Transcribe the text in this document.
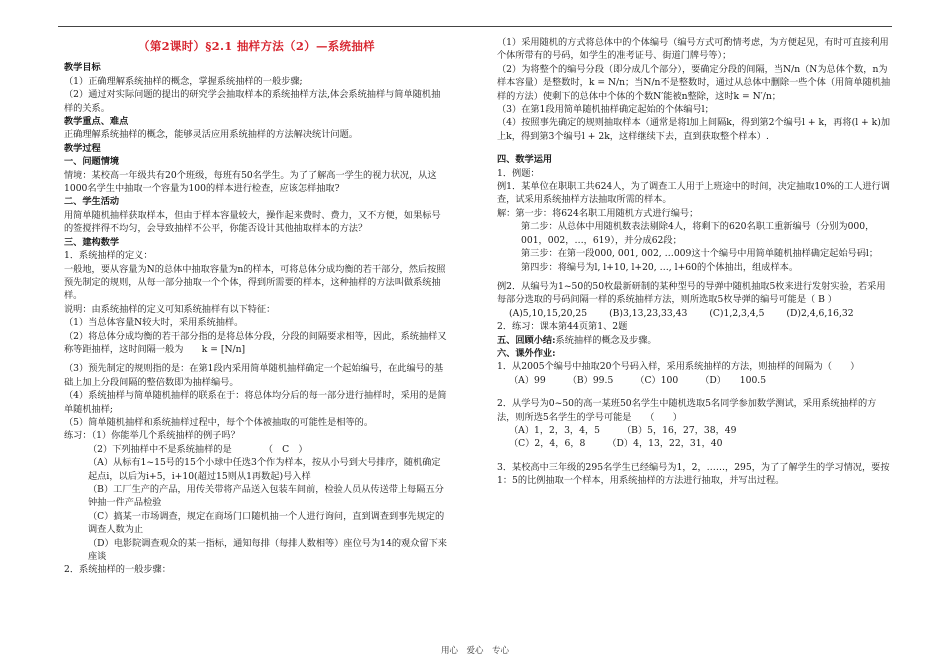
（第2课时）§2.1 抽样方法（2）—系统抽样

教学目标

（1）正确理解系统抽样的概念，掌握系统抽样的一般步骤;

（2）通过对实际问题的提出的研究学会抽取样本的系统抽样方法,体会系统抽样与简单随机抽样的关系。

教学重点、难点

正确理解系统抽样的概念，能够灵活应用系统抽样的方法解决统计问题。

教学过程

一、问题情境

情境：某校高一年级共有20个班级，每班有50名学生。为了了解高一学生的视力状况，从这1000名学生中抽取一个容量为100的样本进行检查，应该怎样抽取?

二、学生活动

用简单随机抽样获取样本，但由于样本容量较大，操作起来费时、费力，又不方便，如果标号的签搅拌得不均匀，会导致抽样不公平，你能否设计其他抽取样本的方法？

三、建构数学

1．系统抽样的定义：

一般地，要从容量为N的总体中抽取容量为n的样本，可将总体分成均衡的若干部分，然后按照预先制定的规则，从每一部分抽取一个个体，得到所需要的样本，这种抽样的方法叫做系统抽样。

说明：由系统抽样的定义可知系统抽样有以下特征：

（1）当总体容量N较大时，采用系统抽样。

（2）将总体分成均衡的若干部分指的是将总体分段，分段的间隔要求相等，因此，系统抽样又称等距抽样，这时间隔一般为　　k = [N/n]

（3）预先制定的规则指的是：在第1段内采用简单随机抽样确定一个起始编号，在此编号的基础上加上分段间隔的整倍数即为抽样编号。

（4）系统抽样与简单随机抽样的联系在于：将总体均分后的每一部分进行抽样时，采用的是简单随机抽样;

（5）简单随机抽样和系统抽样过程中，每个个体被抽取的可能性是相等的。

练习：（1）你能举几个系统抽样的例子吗？

（2）下列抽样中不是系统抽样的是　　　　（　C　）

（A）从标有1~15号的15个小球中任选3个作为样本，按从小号到大号排序，随机确定起点i，以后为i+5，i+10(超过15则从1再数起)号入样

（B）工厂生产的产品，用传关带将产品送入包装车间前，检验人员从传送带上每隔五分钟抽一件产品检验

（C）搞某一市场调查，规定在商场门口随机抽一个人进行询问，直到调查到事先规定的调查人数为止

（D）电影院调查观众的某一指标，通知每排（每排人数相等）座位号为14的观众留下来座谈

2．系统抽样的一般步骤：

（1）采用随机的方式将总体中的个体编号（编号方式可酌情考虑，为方便起见，有时可直接利用个体所带有的号码，如学生的准考证号、街道门牌号等）；

（2）为将整个的编号分段（即分成几个部分），要确定分段的间隔，当N/n（N为总体个数，n为样本容量）是整数时，k = N/n；当N/n不是整数时，通过从总体中删除一些个体（用简单随机抽样的方法）使剩下的总体中个体的个数N′能被n整除，这时k = N′/n；

（3）在第1段用简单随机抽样确定起始的个体编号l；

（4）按照事先确定的规则抽取样本（通常是将l加上间隔k，得到第2个编号l + k，再将(l + k)加上k，得到第3个编号l + 2k，这样继续下去，直到获取整个样本）.

四、数学运用

1．例题：

例1．某单位在职职工共624人，为了调查工人用于上班途中的时间，决定抽取10%的工人进行调查，试采用系统抽样方法抽取所需的样本。

解：第一步：将624名职工用随机方式进行编号；

第二步：从总体中用随机数表法剔除4人，将剩下的620名职工重新编号（分别为000，001，002，…，619），并分成62段；

第三步：在第一段000, 001, 002, …009这十个编号中用简单随机抽样确定起始号码l；

第四步：将编号为l, l+10, l+20, …, l+60的个体抽出，组成样本。

例2．从编号为1~50的50枚最新研制的某种型号的导弹中随机抽取5枚来进行发射实验，若采用每部分选取的号码间隔一样的系统抽样方法，则所选取5枚导弹的编号可能是（ B ）

(A)5,10,15,20,25 (B)3,13,23,33,43 (C)1,2,3,4,5 (D)2,4,6,16,32

2．练习：课本第44页第1、2题

五、回顾小结:系统抽样的概念及步骤。

六、课外作业:

1．从2005个编号中抽取20个号码入样，采用系统抽样的方法，则抽样的间隔为（　　）

（A）99 （B）99.5 （C）100 （D）　　100.5

2．从学号为0~50的高一某班50名学生中随机选取5名同学参加数学测试，采用系统抽样的方法，则所选5名学生的学号可能是　　（　　）

（A）1，2，3，4，5 （B）5，16，27，38，49
（C）2，4，6，8 （D）4，13，22，31，40

3．某校高中三年级的295名学生已经编号为1，2，……，295，为了了解学生的学习情况，要按1：5的比例抽取一个样本，用系统抽样的方法进行抽取，并写出过程。

用心　爱心　专心
